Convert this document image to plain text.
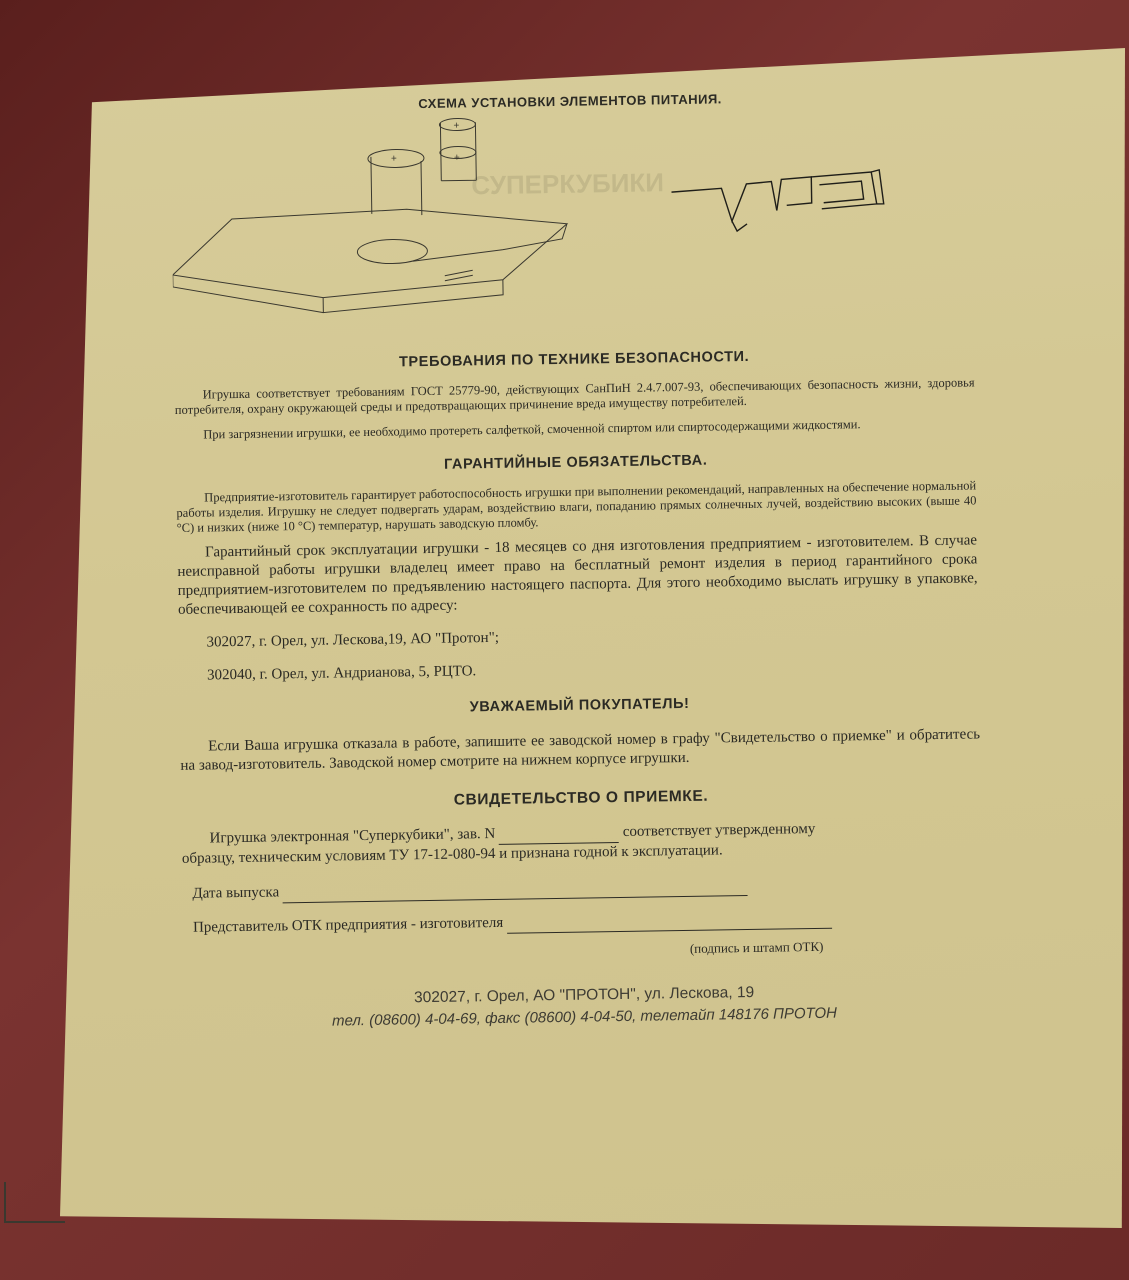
СХЕМА УСТАНОВКИ ЭЛЕМЕНТОВ ПИТАНИЯ.
+
+
+
СУПЕРКУБИКИ
ТРЕБОВАНИЯ ПО ТЕХНИКЕ БЕЗОПАСНОСТИ.

Игрушка соответствует требованиям ГОСТ 25779-90, действующих СанПиН 2.4.7.007-93, обеспечивающих безопасность жизни, здоровья потребителя, охрану окружающей среды и предотвращающих причинение вреда имуществу потребителей.

При загрязнении игрушки, ее необходимо протереть салфеткой, смоченной спиртом или спиртосодержащими жидкостями.

ГАРАНТИЙНЫЕ ОБЯЗАТЕЛЬСТВА.

Предприятие-изготовитель гарантирует работоспособность игрушки при выполнении рекомендаций, направленных на обеспечение нормальной работы изделия. Игрушку не следует подвергать ударам, воздействию влаги, попаданию прямых солнечных лучей, воздействию высоких (выше 40 °С) и низких (ниже 10 °С) температур, нарушать заводскую пломбу.

Гарантийный срок эксплуатации игрушки - 18 месяцев со дня изготовления предприятием - изготовителем. В случае неисправной работы игрушки владелец имеет право на бесплатный ремонт изделия в период гарантийного срока предприятием-изготовителем по предъявлению настоящего паспорта. Для этого необходимо выслать игрушку в упаковке, обеспечивающей ее сохранность по адресу:

302027, г. Орел, ул. Лескова,19, АО "Протон";

302040, г. Орел, ул. Андрианова, 5, РЦТО.

УВАЖАЕМЫЙ ПОКУПАТЕЛЬ!

Если Ваша игрушка отказала в работе, запишите ее заводской номер в графу "Свидетельство о приемке" и обратитесь на завод-изготовитель. Заводской номер смотрите на нижнем корпусе игрушки.

СВИДЕТЕЛЬСТВО О ПРИЕМКЕ.

Игрушка электронная "Суперкубики", зав. N	соответствует утвержденному

образцу, техническим условиям ТУ 17-12-080-94 и признана годной к эксплуатации.

Дата выпуска

Представитель ОТК предприятия - изготовителя

(подпись и штамп ОТК)
302027, г. Орел, АО "ПРОТОН", ул. Лескова, 19
тел. (08600) 4-04-69, факс (08600) 4-04-50, телетайп 148176 ПРОТОН
